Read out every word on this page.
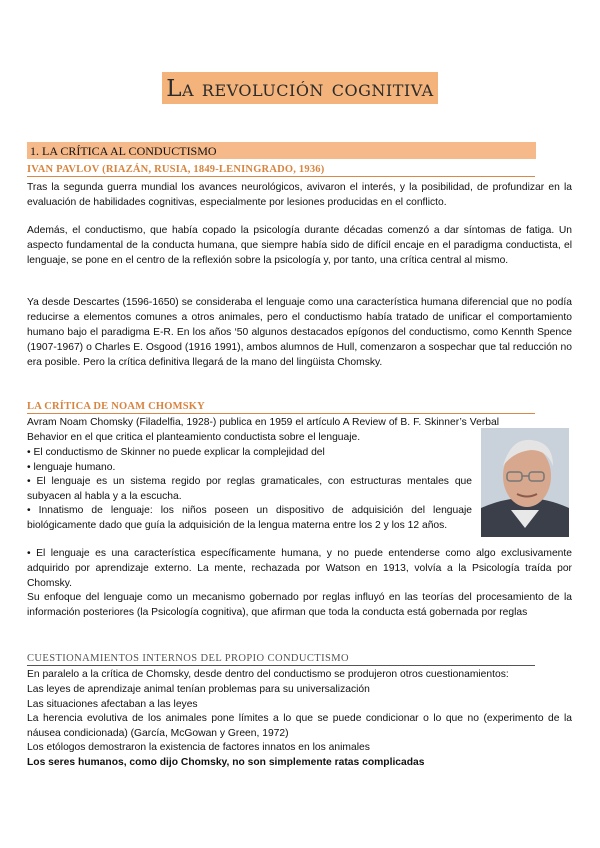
La revolución cognitiva
1. LA CRÍTICA AL CONDUCTISMO
IVAN PAVLOV (RIAZÁN, RUSIA, 1849-LENINGRADO, 1936)

Tras la segunda guerra mundial los avances neurológicos, avivaron el interés, y la posibilidad, de profundizar en la evaluación de habilidades cognitivas, especialmente por lesiones producidas en el conflicto.

Además, el conductismo, que había copado la psicología durante décadas comenzó a dar síntomas de fatiga. Un aspecto fundamental de la conducta humana, que siempre había sido de difícil encaje en el paradigma conductista, el lenguaje, se pone en el centro de la reflexión sobre la psicología y, por tanto, una crítica central al mismo.

Ya desde Descartes (1596-1650) se consideraba el lenguaje como una característica humana diferencial que no podía reducirse a elementos comunes a otros animales, pero el conductismo había tratado de unificar el comportamiento humano bajo el paradigma E-R. En los años ‘50 algunos destacados epígonos del conductismo, como Kennth Spence (1907-1967) o Charles E. Osgood (1916 1991), ambos alumnos de Hull, comenzaron a sospechar que tal reducción no era posible. Pero la crítica definitiva llegará de la mano del lingüista Chomsky.

LA CRÍTICA DE NOAM CHOMSKY

Avram Noam Chomsky (Filadelfia, 1928-) publica en 1959 el artículo A Review of B. F. Skinner’s Verbal Behavior en el que critica el planteamiento conductista sobre el lenguaje.

• El conductismo de Skinner no puede explicar la complejidad del

• lenguaje humano.

• El lenguaje es un sistema regido por reglas gramaticales, con estructuras mentales que subyacen al habla y a la escucha.

• Innatismo de lenguaje: los niños poseen un dispositivo de adquisición del lenguaje biológicamente dado que guía la adquisición de la lengua materna entre los 2 y los 12 años.

• El lenguaje es una característica específicamente humana, y no puede entenderse como algo exclusivamente adquirido por aprendizaje externo. La mente, rechazada por Watson en 1913, volvía a la Psicología traída por Chomsky.

Su enfoque del lenguaje como un mecanismo gobernado por reglas influyó en las teorías del procesamiento de la información posteriores (la Psicología cognitiva), que afirman que toda la conducta está gobernada por reglas

CUESTIONAMIENTOS INTERNOS DEL PROPIO CONDUCTISMO

En paralelo a la crítica de Chomsky, desde dentro del conductismo se produjeron otros cuestionamientos:

Las leyes de aprendizaje animal tenían problemas para su universalización

Las situaciones afectaban a las leyes

La herencia evolutiva de los animales pone límites a lo que se puede condicionar o lo que no (experimento de la náusea condicionada) (García, McGowan y Green, 1972)

Los etólogos demostraron la existencia de factores innatos en los animales

Los seres humanos, como dijo Chomsky, no son simplemente ratas complicadas
